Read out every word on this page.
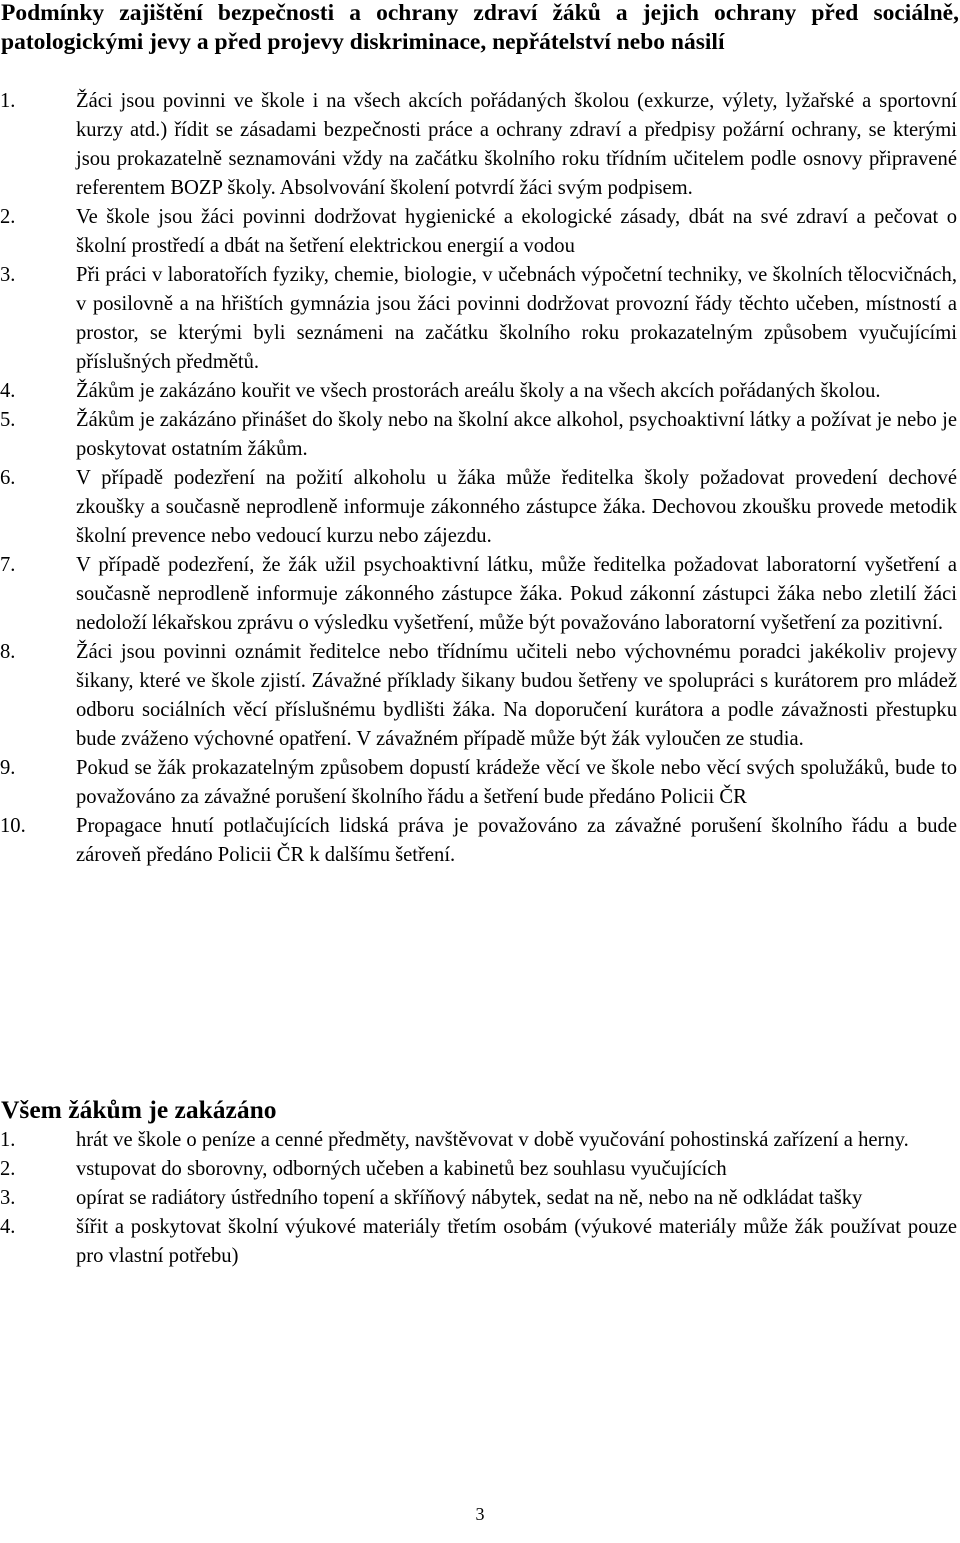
Podmínky zajištění bezpečnosti a ochrany zdraví žáků a jejich ochrany před sociálně, patologickými jevy a před projevy diskriminace, nepřátelství nebo násilí
1.	Žáci jsou povinni ve škole i na všech akcích pořádaných školou (exkurze, výlety, lyžařské a sportovní kurzy atd.) řídit se zásadami bezpečnosti práce a ochrany zdraví a předpisy požární ochrany, se kterými jsou prokazatelně seznamováni vždy na začátku školního roku třídním učitelem podle osnovy připravené referentem BOZP školy. Absolvování školení potvrdí žáci svým podpisem.
2.	Ve škole jsou žáci povinni dodržovat hygienické a ekologické zásady, dbát na své zdraví a pečovat o školní prostředí a dbát na šetření elektrickou energií a vodou
3.	Při práci v laboratořích fyziky, chemie, biologie, v učebnách výpočetní techniky, ve školních tělocvičnách, v posilovně a na hřištích gymnázia jsou žáci povinni dodržovat provozní řády těchto učeben, místností a prostor, se kterými byli seznámeni na začátku školního roku prokazatelným způsobem vyučujícími příslušných předmětů.
4.	Žákům je zakázáno kouřit ve všech prostorách areálu školy a na všech akcích pořádaných školou.
5.	Žákům je zakázáno přinášet do školy nebo na školní akce alkohol, psychoaktivní látky a požívat je nebo je poskytovat ostatním žákům.
6.	V případě podezření na požití alkoholu u žáka může ředitelka školy požadovat provedení dechové zkoušky a současně neprodleně informuje zákonného zástupce žáka. Dechovou zkoušku provede metodik školní prevence nebo vedoucí kurzu nebo zájezdu.
7.	V případě podezření, že žák užil psychoaktivní látku, může ředitelka požadovat laboratorní vyšetření a současně neprodleně informuje zákonného zástupce žáka. Pokud zákonní zástupci žáka nebo zletilí žáci nedoloží lékařskou zprávu o výsledku vyšetření, může být považováno laboratorní vyšetření za pozitivní.
8.	Žáci jsou povinni oznámit ředitelce nebo třídnímu učiteli nebo výchovnému poradci jakékoliv projevy šikany, které ve škole zjistí. Závažné příklady šikany budou šetřeny ve spolupráci s kurátorem pro mládež odboru sociálních věcí příslušnému bydlišti žáka. Na doporučení kurátora a podle závažnosti přestupku bude zváženo výchovné opatření. V závažném případě může být žák vyloučen ze studia.
9.	Pokud se žák prokazatelným způsobem dopustí krádeže věcí ve škole nebo věcí svých spolužáků, bude to považováno za závažné porušení školního řádu a šetření bude předáno Policii ČR
10.	Propagace hnutí potlačujících lidská práva je považováno za závažné porušení školního řádu a bude zároveň předáno Policii ČR k dalšímu šetření.
Všem žákům je zakázáno
1.	hrát ve škole o peníze a cenné předměty, navštěvovat v době vyučování pohostinská zařízení a herny.
2.	vstupovat do sborovny, odborných učeben a kabinetů bez souhlasu vyučujících
3.	opírat se radiátory ústředního topení a skříňový nábytek, sedat na ně, nebo na ně odkládat tašky
4.	šířit a poskytovat školní výukové materiály třetím osobám (výukové materiály může žák používat pouze pro vlastní potřebu)
3
